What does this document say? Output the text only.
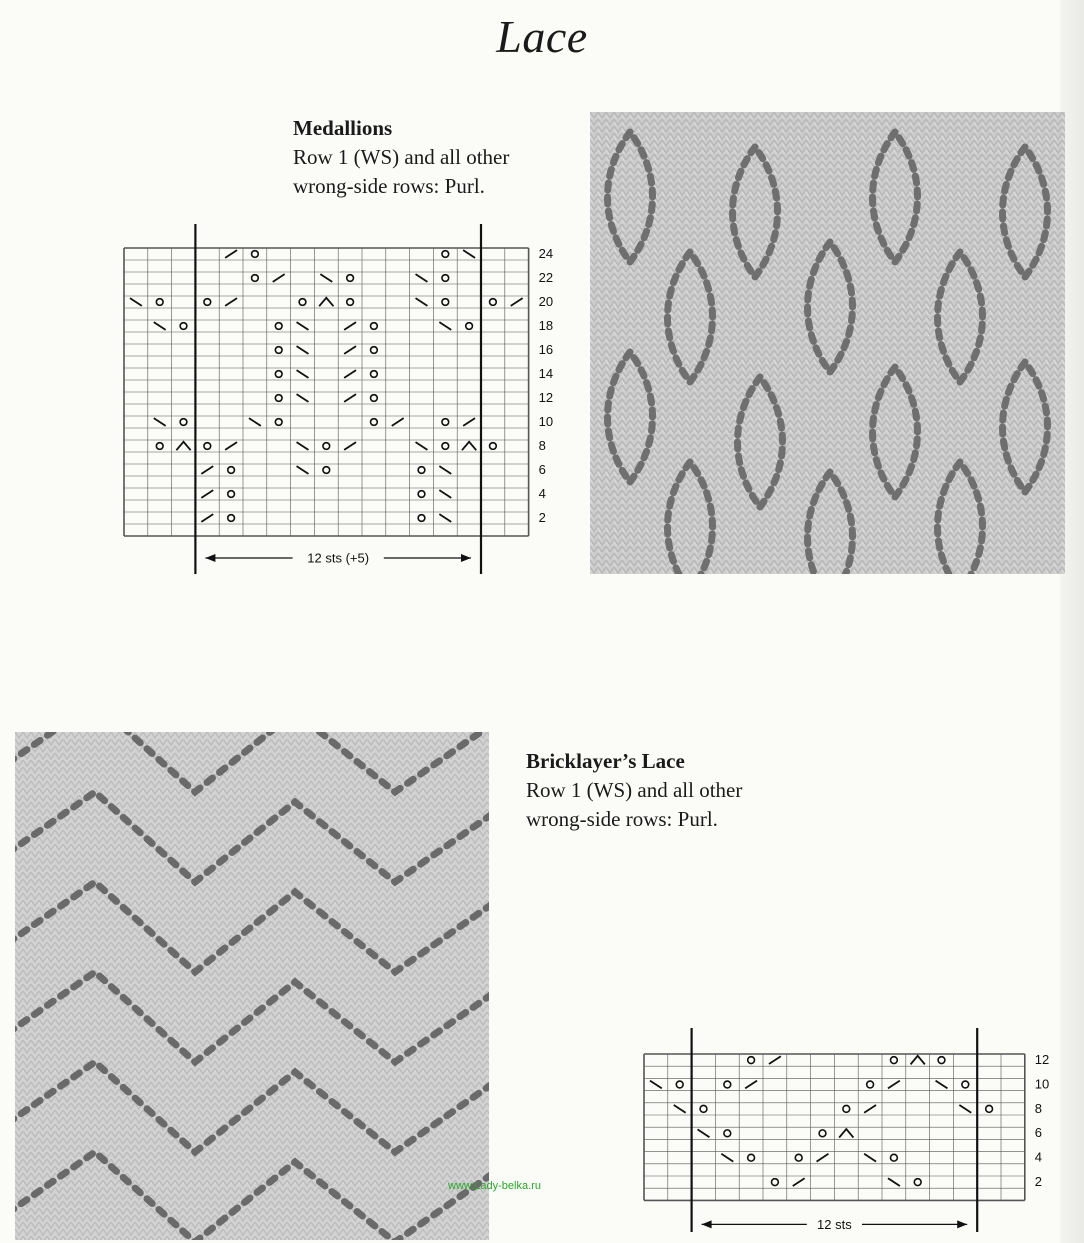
Lace
Medallions
Row 1 (WS) and all other
wrong-side rows: Purl.
2
4
6
8
10
12
14
16
18
20
22
24
12 sts (+5)
Bricklayer’s Lace
Row 1 (WS) and all other
wrong-side rows: Purl.
2
4
6
8
10
12
12 sts
www.Lady-belka.ru
